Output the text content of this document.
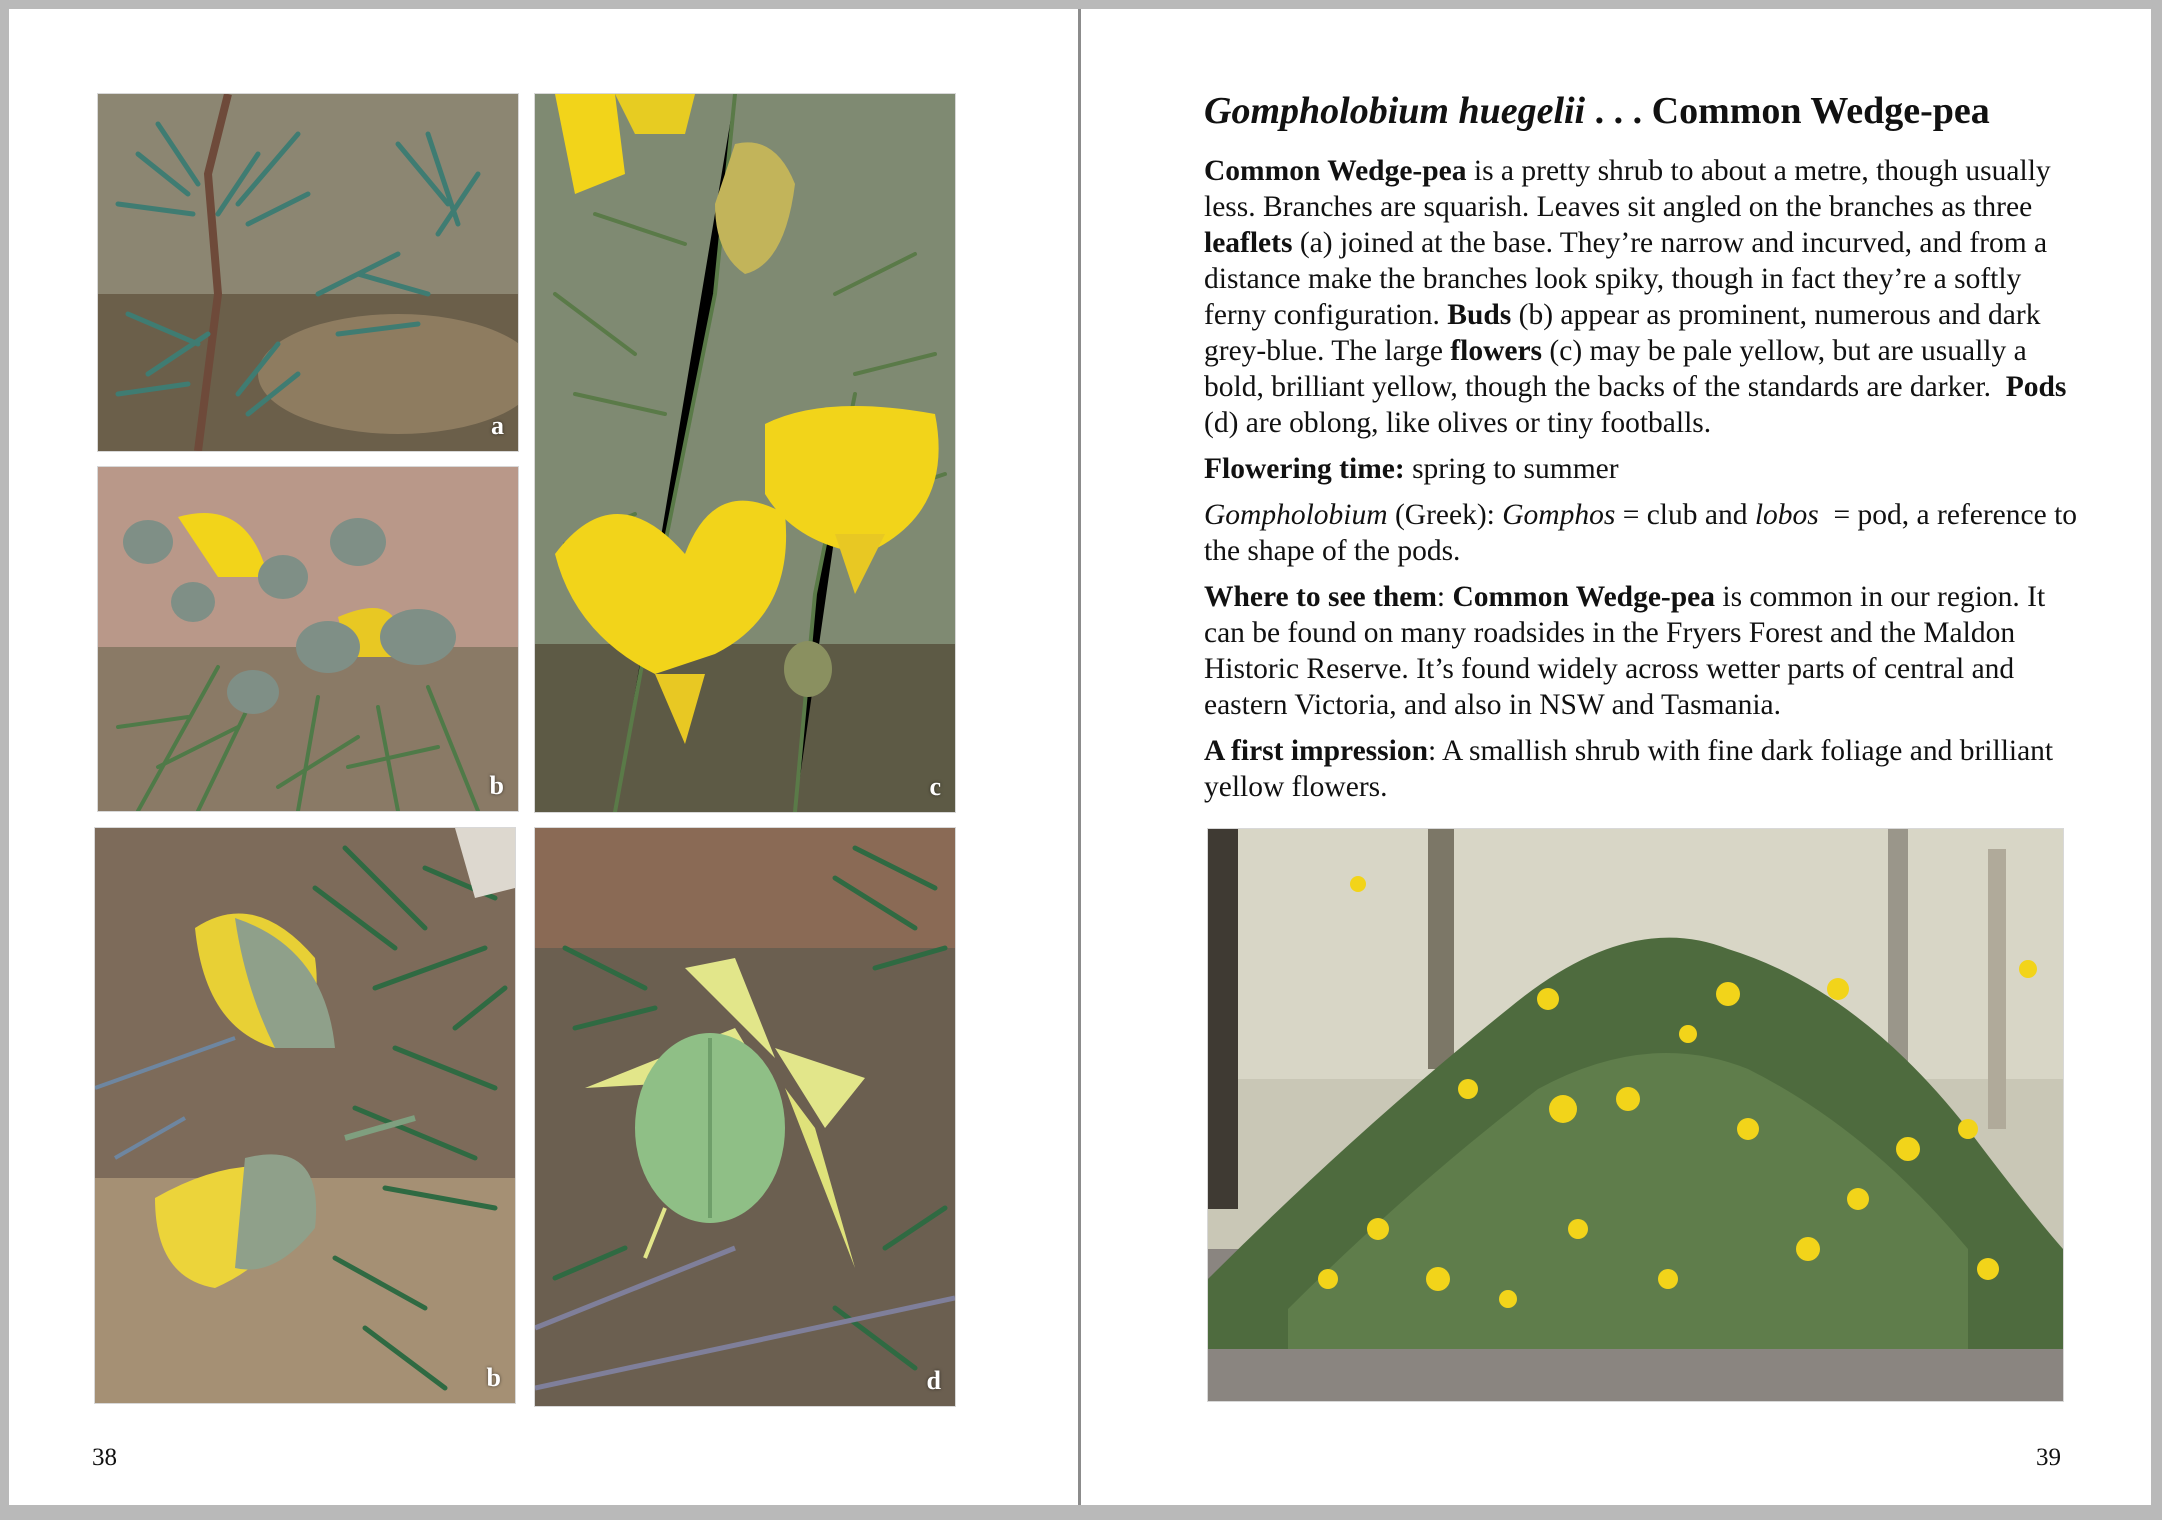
a
b	c
b	d
38
Gompholobium huegelii . . . Common Wedge-pea

Common Wedge-pea is a pretty shrub to about a metre, though usually less. Branches are squarish. Leaves sit angled on the branches as three leaflets (a) joined at the base. They’re narrow and incurved, and from a distance make the branches look spiky, though in fact they’re a softly ferny configuration. Buds (b) appear as prominent, numerous and dark grey-blue. The large flowers (c) may be pale yellow, but are usually a bold, brilliant yellow, though the backs of the standards are darker.  Pods (d) are oblong, like olives or tiny footballs.

Flowering time: spring to summer

Gompholobium (Greek): Gomphos = club and lobos  = pod, a reference to the shape of the pods.

Where to see them: Common Wedge-pea is common in our region. It can be found on many roadsides in the Fryers Forest and the Maldon Historic Reserve. It’s found widely across wetter parts of central and eastern Victoria, and also in NSW and Tasmania.

A first impression: A smallish shrub with fine dark foliage and brilliant yellow flowers.

39
